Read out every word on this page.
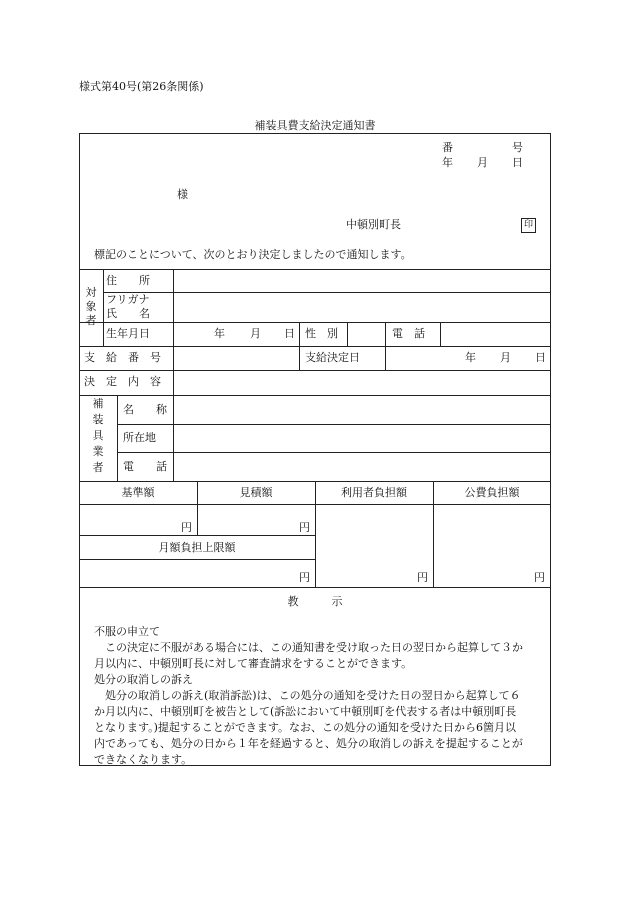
様式第40号(第26条関係)
補装具費支給決定通知書
番	号
年 月 日
様
中頓別町長	印
標記のことについて、次のとおり決定しましたので通知します。
対
象
者
住　　所
フリガナ
氏　　名
生年月日	年 月 日 性　別	電　話
支　給　番　号	支給決定日	年 月 日
決　定　内　容
補
装
具
業
者
名　　称
所在地
電　　話
基準額	見積額	利用者負担額	公費負担額
円	円
月額負担上限額
円	円	円
教　　　示
不服の申立て
　この決定に不服がある場合には、この通知書を受け取った日の翌日から起算して３か
月以内に、中頓別町長に対して審査請求をすることができます。
処分の取消しの訴え
　処分の取消しの訴え(取消訴訟)は、この処分の通知を受けた日の翌日から起算して６
か月以内に、中頓別町を被告として(訴訟において中頓別町を代表する者は中頓別町長
となります。)提起することができます。なお、この処分の通知を受けた日から6箇月以
内であっても、処分の日から１年を経過すると、処分の取消しの訴えを提起することが
できなくなります。
